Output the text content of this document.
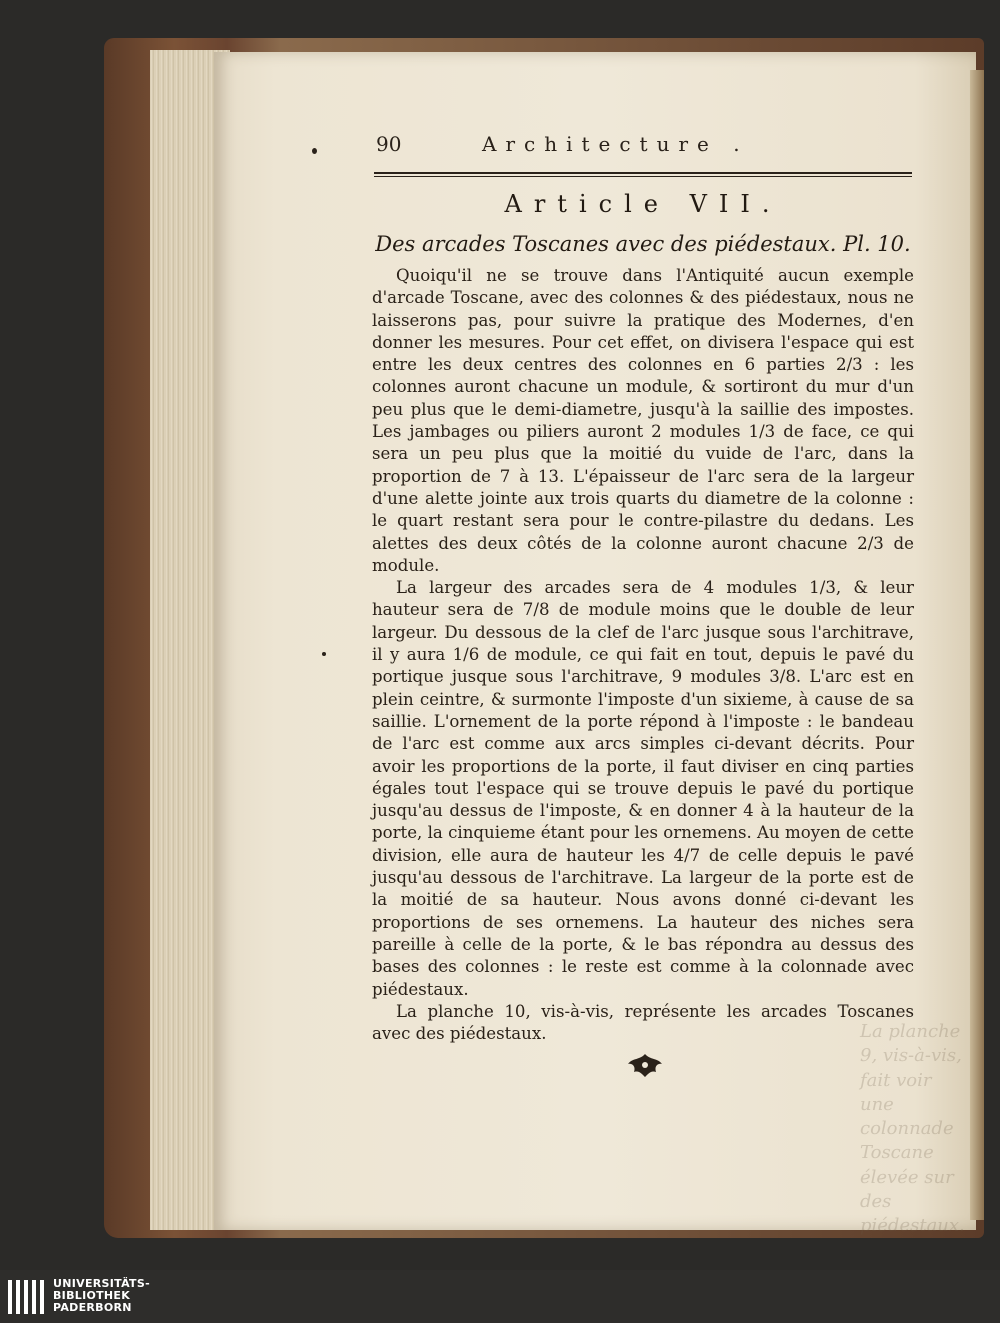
La planche 9, vis-à-vis, fait voir une colonnade Toscane élevée sur des piédestaux.
90	Architecture .
Article VII.
Des arcades Toscanes avec des piédestaux. Pl. 10.

Quoiqu'il ne se trouve dans l'Antiquité aucun exemple d'arcade Toscane, avec des colonnes & des piédestaux, nous ne laisserons pas, pour suivre la pratique des Modernes, d'en donner les mesures. Pour cet effet, on divisera l'espace qui est entre les deux centres des colonnes en 6 parties 2/3 : les colonnes auront chacune un module, & sortiront du mur d'un peu plus que le demi-diametre, jusqu'à la saillie des impostes. Les jambages ou piliers auront 2 modules 1/3 de face, ce qui sera un peu plus que la moitié du vuide de l'arc, dans la proportion de 7 à 13. L'épaisseur de l'arc sera de la largeur d'une alette jointe aux trois quarts du diametre de la colonne : le quart restant sera pour le contre-pilastre du dedans. Les alettes des deux côtés de la colonne auront chacune 2/3 de module.

La largeur des arcades sera de 4 modules 1/3, & leur hauteur sera de 7/8 de module moins que le double de leur largeur. Du dessous de la clef de l'arc jusque sous l'architrave, il y aura 1/6 de module, ce qui fait en tout, depuis le pavé du portique jusque sous l'architrave, 9 modules 3/8. L'arc est en plein ceintre, & surmonte l'imposte d'un sixieme, à cause de sa saillie. L'ornement de la porte répond à l'imposte : le bandeau de l'arc est comme aux arcs simples ci-devant décrits. Pour avoir les proportions de la porte, il faut diviser en cinq parties égales tout l'espace qui se trouve depuis le pavé du portique jusqu'au dessus de l'imposte, & en donner 4 à la hauteur de la porte, la cinquieme étant pour les ornemens. Au moyen de cette division, elle aura de hauteur les 4/7 de celle depuis le pavé jusqu'au dessous de l'architrave. La largeur de la porte est de la moitié de sa hauteur. Nous avons donné ci-devant les proportions de ses ornemens. La hauteur des niches sera pareille à celle de la porte, & le bas répondra au dessus des bases des colonnes : le reste est comme à la colonnade avec piédestaux.

La planche 10, vis-à-vis, représente les arcades Toscanes avec des piédestaux.

UNIVERSITÄTS-
BIBLIOTHEK
PADERBORN
